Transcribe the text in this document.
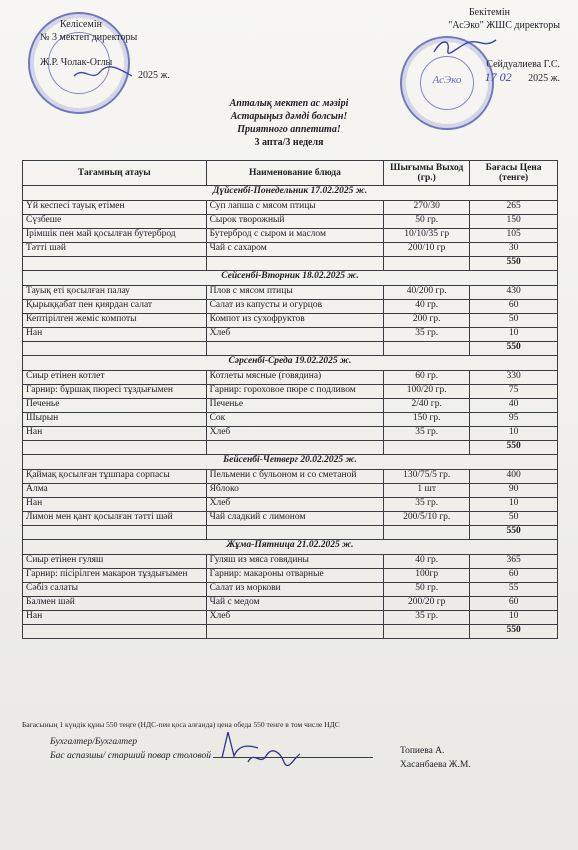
АсЭко
Келісемін
№ 3 мектеп директоры
Ж.Р. Чолак-Оглы
2025 ж.
Бекітемін
"АсЭко" ЖШС директоры
Сейдуалиева Г.С.
17 02 2025 ж.
Апталық мектеп ас мәзірі
Астарыңыз дәмді болсын!
Приятного аппетита!
3 апта/3 неделя
Тағамның атауы	Наименование блюда	Шығымы Выход (гр.)	Бағасы Цена (тенге)
Дүйсенбі-Понедельник 17.02.2025 ж.			
Үй кеспесі тауық етімен	Суп лапша с мясом птицы	270/30	265
Сүзбеше	Сырок творожный	50 гр.	150
Ірімшік пен май қосылған бутерброд	Бутерброд с сыром и маслом	10/10/35 гр	105
Тәтті шәй	Чай с сахаром	200/10 гр	30
			550
Сейсенбі-Вторник 18.02.2025 ж.			
Тауық еті қосылған палау	Плов с мясом птицы	40/200 гр.	430
Қырыққабат пен қиярдан салат	Салат из капусты и огурцов	40 гр.	60
Кептірілген жеміс компоты	Компот из сухофруктов	200 гр.	50
Нан	Хлеб	35 гр.	10
			550
Сәрсенбі-Среда 19.02.2025 ж.			
Сиыр етінен котлет	Котлеты мясные (говядина)	60 гр.	330
Гарнир: бұршақ пюресі тұздығымен	Гарнир: гороховое пюре с подливом	100/20 гр.	75
Печенье	Печенье	2/40 гр.	40
Шырын	Сок	150 гр.	95
Нан	Хлеб	35 гр.	10
			550
Бейсенбі-Четверг 20.02.2025 ж.			
Қаймақ қосылған тұшпара сорпасы	Пельмени с бульоном и со сметаной	130/75/5 гр.	400
Алма	Яблоко	1 шт	90
Нан	Хлеб	35 гр.	10
Лимон мен қант қосылған тәтті шәй	Чай сладкий с лимоном	200/5/10 гр.	50
			550
Жұма-Пятница 21.02.2025 ж.			
Сиыр етінен гуляш	Гуляш из мяса говядины	40 гр.	365
Гарнир: пісірілген макарон тұздығымен	Гарнир: макароны отварные	100гр	60
Сәбіз салаты	Салат из моркови	50 гр.	55
Балмен шәй	Чай с медом	200/20 гр	60
Нан	Хлеб	35 гр.	10
			550
Бағасының 1 күндік құны 550 теңге (НДС-пен қоса алғанда) цена обеда 550 тенге в том числе НДС
Бухгалтер/Бухгалтер
Бас аспазшы/ старший повар столовой	Топиева А.
Хасанбаева Ж.М.
